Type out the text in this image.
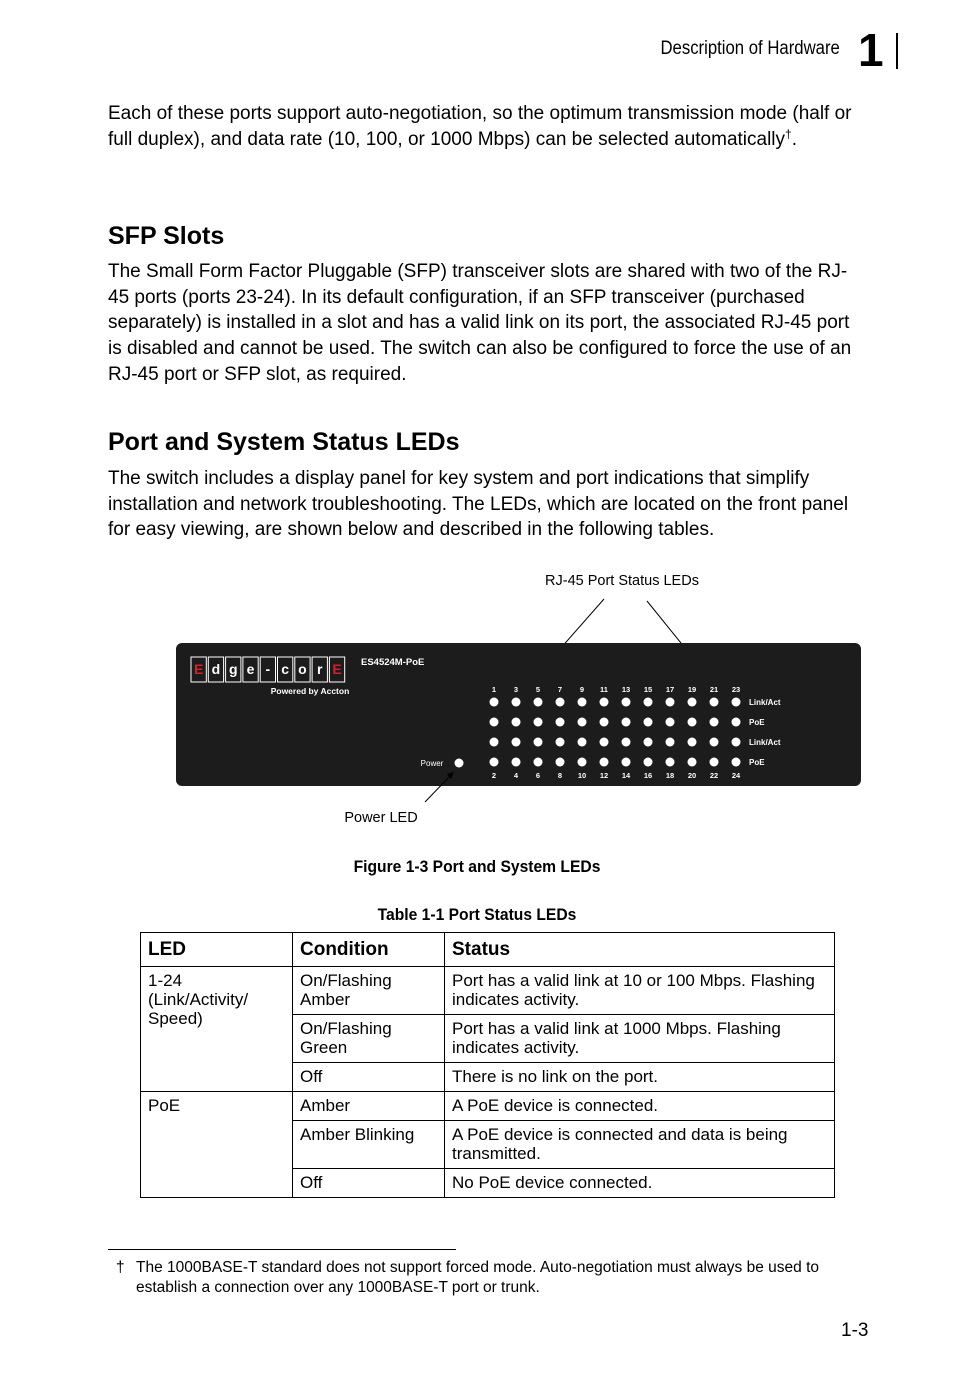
Description of Hardware 1

Each of these ports support auto-negotiation, so the optimum transmission mode (half or full duplex), and data rate (10, 100, or 1000 Mbps) can be selected automatically†.

SFP Slots

The Small Form Factor Pluggable (SFP) transceiver slots are shared with two of the RJ-45 ports (ports 23-24). In its default configuration, if an SFP transceiver (purchased separately) is installed in a slot and has a valid link on its port, the associated RJ-45 port is disabled and cannot be used. The switch can also be configured to force the use of an RJ-45 port or SFP slot, as required.

Port and System Status LEDs

The switch includes a display panel for key system and port indications that simplify installation and network troubleshooting. The LEDs, which are located on the front panel for easy viewing, are shown below and described in the following tables.

RJ-45 Port Status LEDs
E d g e - c o r E
Powered by Accton
ES4524M-PoE
Power
1 3 5 7 9 11 13 15 17 19 21 23
2 4 6 8 10 12 14 16 18 20 22 24
Link/Act
PoE
Link/Act
PoE
Power LED
Figure 1-3 Port and System LEDs
Table 1-1 Port Status LEDs
LED	Condition	Status
1-24 (Link/Activity/ Speed)	On/Flashing Amber	Port has a valid link at 10 or 100 Mbps. Flashing indicates activity.
	On/Flashing Green	Port has a valid link at 1000 Mbps. Flashing indicates activity.
	Off	There is no link on the port.
PoE	Amber	A PoE device is connected.
	Amber Blinking	A PoE device is connected and data is being transmitted.
	Off	No PoE device connected.
† The 1000BASE-T standard does not support forced mode. Auto-negotiation must always be used to establish a connection over any 1000BASE-T port or trunk.
1-3
